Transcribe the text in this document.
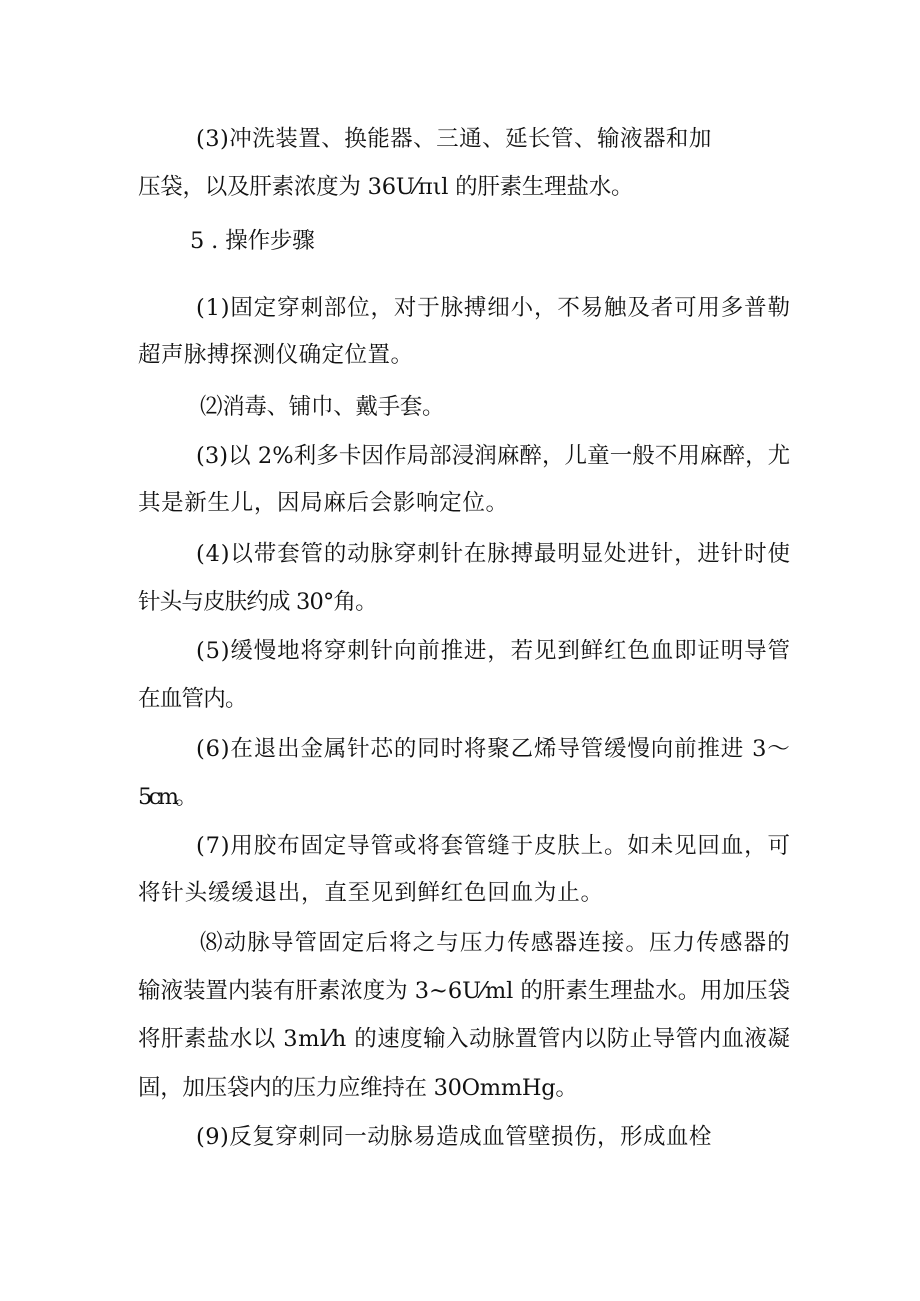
(3)冲洗装置、换能器、三通、延长管、输液器和加

压袋，以及肝素浓度为 36U⁄πιl 的肝素生理盐水。

5 . 操作步骤

(1)固定穿刺部位，对于脉搏细小，不易触及者可用多普勒

超声脉搏探测仪确定位置。

⑵消毒、铺巾、戴手套。

(3)以 2%利多卡因作局部浸润麻醉，儿童一般不用麻醉，尤

其是新生儿，因局麻后会影响定位。

(4)以带套管的动脉穿刺针在脉搏最明显处进针，进针时使

针头与皮肤约成 30°角。

(5)缓慢地将穿刺针向前推进，若见到鲜红色血即证明导管

在血管内。

(6)在退出金属针芯的同时将聚乙烯导管缓慢向前推进 3～

5cm。

(7)用胶布固定导管或将套管缝于皮肤上。如未见回血，可

将针头缓缓退出，直至见到鲜红色回血为止。

⑻动脉导管固定后将之与压力传感器连接。压力传感器的

输液装置内装有肝素浓度为 3~6U⁄ml 的肝素生理盐水。用加压袋

将肝素盐水以 3ml⁄h 的速度输入动脉置管内以防止导管内血液凝

固，加压袋内的压力应维持在 30OmmHg。

(9)反复穿刺同一动脉易造成血管壁损伤，形成血栓
